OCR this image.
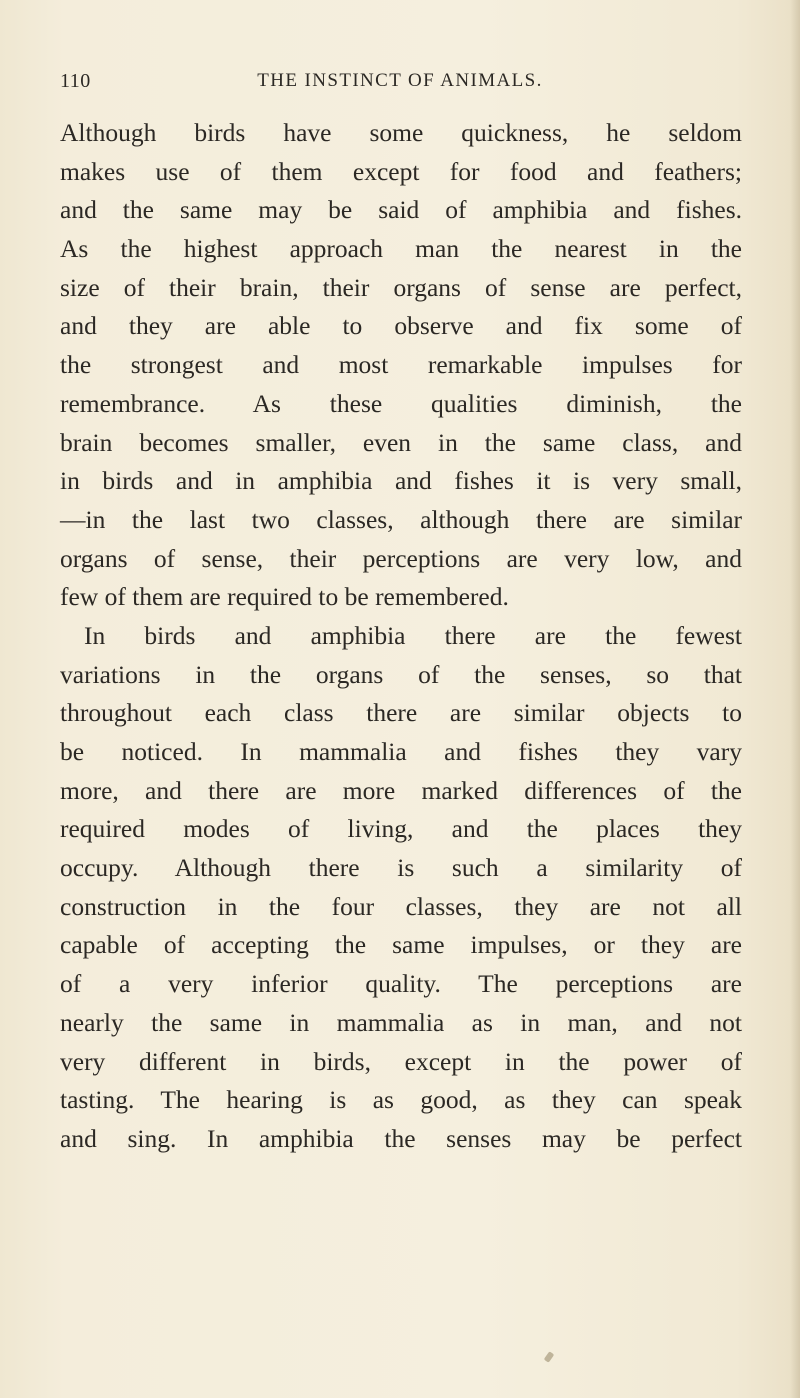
110	THE INSTINCT OF ANIMALS.
Although birds have some quickness, he seldom
makes use of them except for food and feathers;
and the same may be said of amphibia and fishes.
As the highest approach man the nearest in the
size of their brain, their organs of sense are perfect,
and they are able to observe and fix some of
the strongest and most remarkable impulses for
remembrance. As these qualities diminish, the
brain becomes smaller, even in the same class, and
in birds and in amphibia and fishes it is very small,
—in the last two classes, although there are similar
organs of sense, their perceptions are very low, and
few of them are required to be remembered.
In birds and amphibia there are the fewest
variations in the organs of the senses, so that
throughout each class there are similar objects to
be noticed. In mammalia and fishes they vary
more, and there are more marked differences of the
required modes of living, and the places they
occupy. Although there is such a similarity of
construction in the four classes, they are not all
capable of accepting the same impulses, or they are
of a very inferior quality. The perceptions are
nearly the same in mammalia as in man, and not
very different in birds, except in the power of
tasting. The hearing is as good, as they can speak
and sing. In amphibia the senses may be perfect
